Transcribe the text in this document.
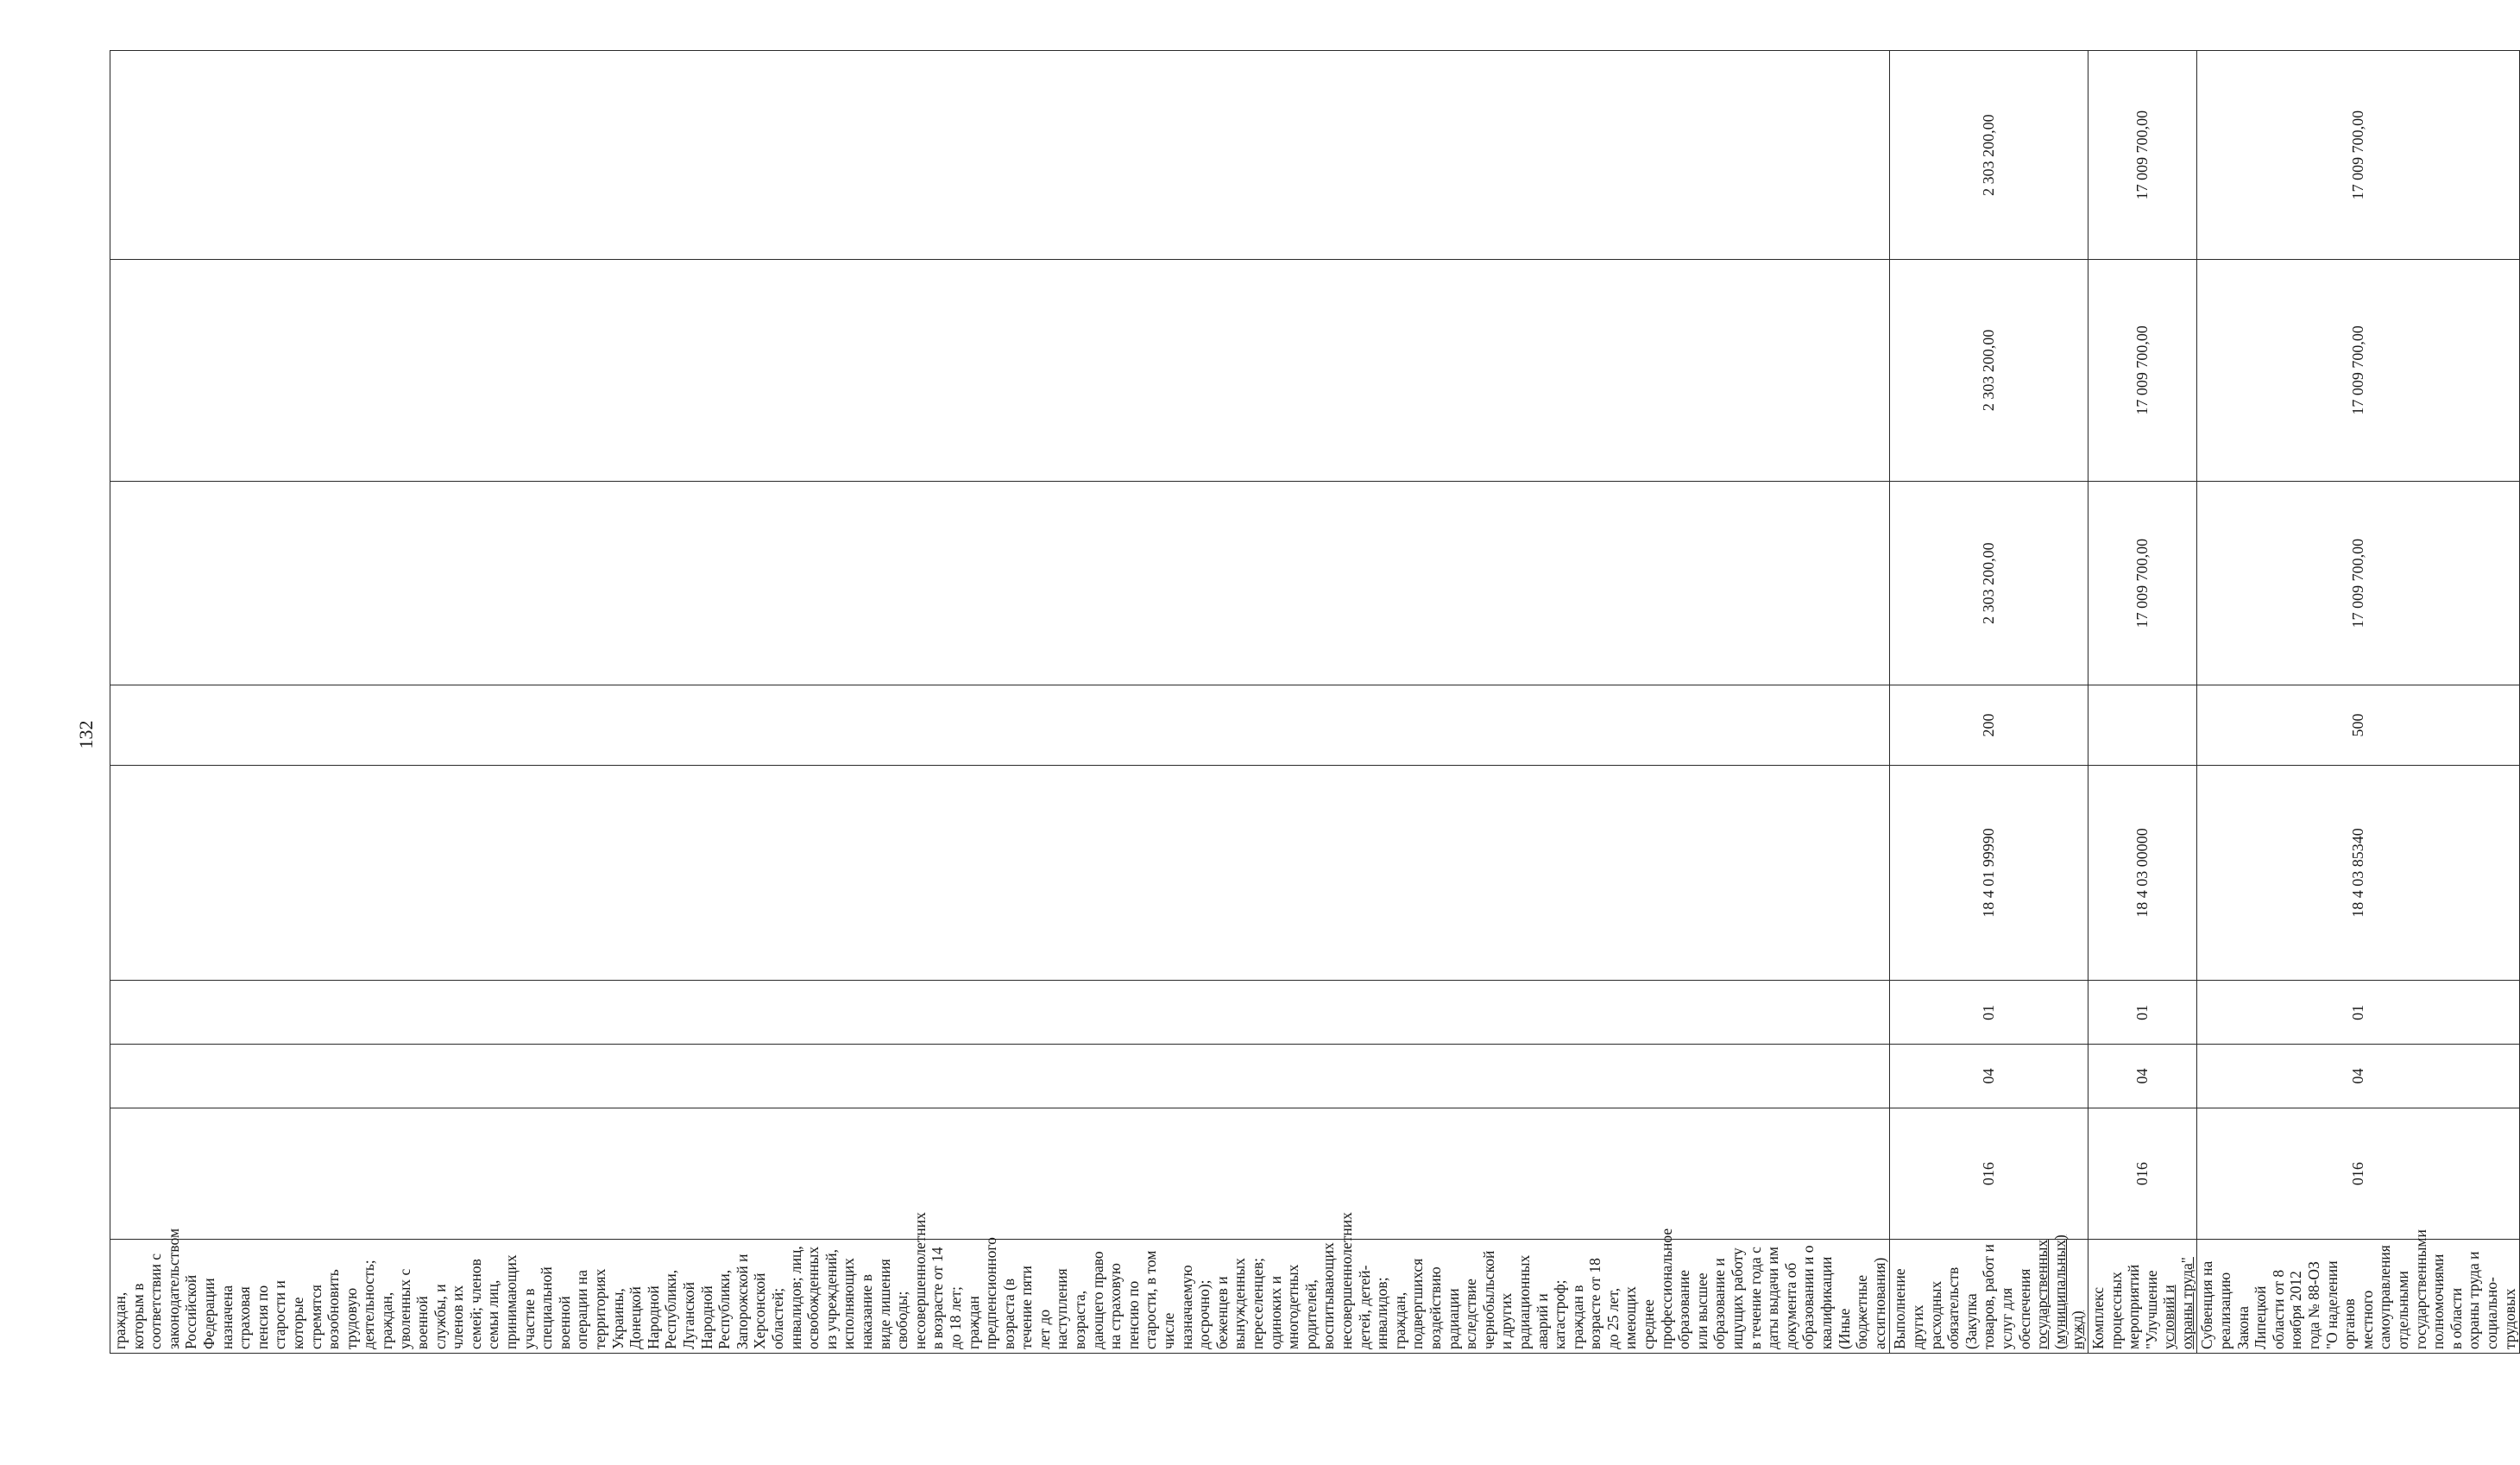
132
граждан, которым в соответствии с законодательством Российской Федерации назначена страховая пенсия по старости и которые стремятся возобновить трудовую деятельность; граждан, уволенных с военной службы, и членов их семей; членов семьи лиц, принимающих участие в специальной военной операции на территориях Украины, Донецкой Народной Республики, Луганской Народной Республики, Запорожской и Херсонской областей; инвалидов; лиц, освобожденных из учреждений, исполняющих наказание в виде лишения свободы; несовершеннолетних в возрасте от 14 до 18 лет; граждан предпенсионного возраста (в течение пяти лет до наступления возраста, дающего право на страховую пенсию по старости, в том числе назначаемую досрочно); беженцев и вынужденных переселенцев; одиноких и многодетных родителей, воспитывающих несовершеннолетних детей, детей-инвалидов; граждан, подвергшихся воздействию радиации вследствие чернобыльской и других радиационных аварий и катастроф; граждан в возрасте от 18 до 25 лет, имеющих среднее профессиональное образование или высшее образование и ищущих работу в течение года с даты выдачи им документа об образовании и о квалификации (Иные бюджетные ассигнования)								
Выполнение других расходных обязательств (Закупка товаров, работ и услуг для обеспечения государственных (муниципальных) нужд)	016	04	01	18 4 01 99990	200	2 303 200,00	2 303 200,00	2 303 200,00
Комплекс процессных мероприятий "Улучшение условий и охраны труда"	016	04	01	18 4 03 00000		17 009 700,00	17 009 700,00	17 009 700,00
Субвенция на реализацию Закона Липецкой области от 8 ноября 2012 года № 88-ОЗ "О наделении органов местного самоуправления отдельными государственными полномочиями в области охраны труда и социально-трудовых	016	04	01	18 4 03 85340	500	17 009 700,00	17 009 700,00	17 009 700,00
